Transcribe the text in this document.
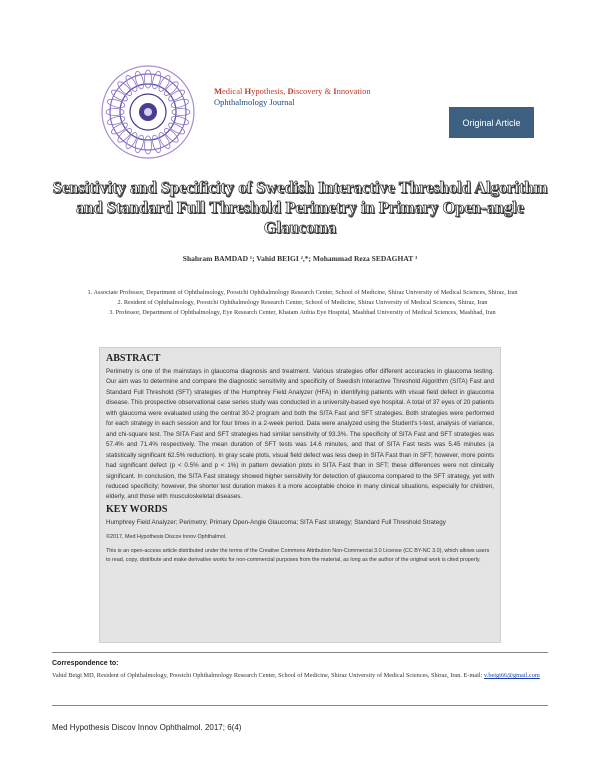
Medical Hypothesis, Discovery & Innovation
Ophthalmology Journal
Original Article
Sensitivity and Specificity of Swedish Interactive Threshold Algorithm and Standard Full Threshold Perimetry in Primary Open-angle Glaucoma
Shahram BAMDAD ¹; Vahid BEIGI ²,*; Mohammad Reza SEDAGHAT ³

1. Associate Professor, Department of Ophthalmology, Poostchi Ophthalmology Research Center, School of Medicine, Shiraz University of Medical Sciences, Shiraz, Iran

2. Resident of Ophthalmology, Poostchi Ophthalmology Research Center, School of Medicine, Shiraz University of Medical Sciences, Shiraz, Iran

3. Professor, Department of Ophthalmology, Eye Research Center, Khatam Anbia Eye Hospital, Mashhad University of Medical Sciences, Mashhad, Iran

ABSTRACT
Perimetry is one of the mainstays in glaucoma diagnosis and treatment. Various strategies offer different accuracies in glaucoma testing. Our aim was to determine and compare the diagnostic sensitivity and specificity of Swedish Interactive Threshold Algorithm (SITA) Fast and Standard Full Threshold (SFT) strategies of the Humphrey Field Analyzer (HFA) in identifying patients with visual field defect in glaucoma disease. This prospective observational case series study was conducted in a university-based eye hospital. A total of 37 eyes of 20 patients with glaucoma were evaluated using the central 30-2 program and both the SITA Fast and SFT strategies. Both strategies were performed for each strategy in each session and for four times in a 2-week period. Data were analyzed using the Student's t-test, analysis of variance, and chi-square test. The SITA Fast and SFT strategies had similar sensitivity of 93.3%. The specificity of SITA Fast and SFT strategies was 57.4% and 71.4% respectively. The mean duration of SFT tests was 14.6 minutes, and that of SITA Fast tests was 5.45 minutes (a statistically significant 62.5% reduction). In gray scale plots, visual field defect was less deep in SITA Fast than in SFT; however, more points had significant defect (p < 0.5% and p < 1%) in pattern deviation plots in SITA Fast than in SFT; these differences were not clinically significant. In conclusion, the SITA Fast strategy showed higher sensitivity for detection of glaucoma compared to the SFT strategy, yet with reduced specificity; however, the shorter test duration makes it a more acceptable choice in many clinical situations, especially for children, elderly, and those with musculoskeletal diseases.
KEY WORDS
Humphrey Field Analyzer; Perimetry; Primary Open-Angle Glaucoma; SITA Fast strategy; Standard Full Threshold Strategy
©2017, Med Hypothesis Discov Innov Ophthalmol.
This is an open-access article distributed under the terms of the Creative Commons Attribution Non-Commercial 3.0 License (CC BY-NC 3.0), which allows users to read, copy, distribute and make derivative works for non-commercial purposes from the material, as long as the author of the original work is cited properly.
Correspondence to:

Vahid Beigi MD, Resident of Ophthalmology, Poostchi Ophthalmology Research Center, School of Medicine, Shiraz University of Medical Sciences, Shiraz, Iran. E-mail: v.beigi66@gmail.com

Med Hypothesis Discov Innov Ophthalmol. 2017; 6(4)
